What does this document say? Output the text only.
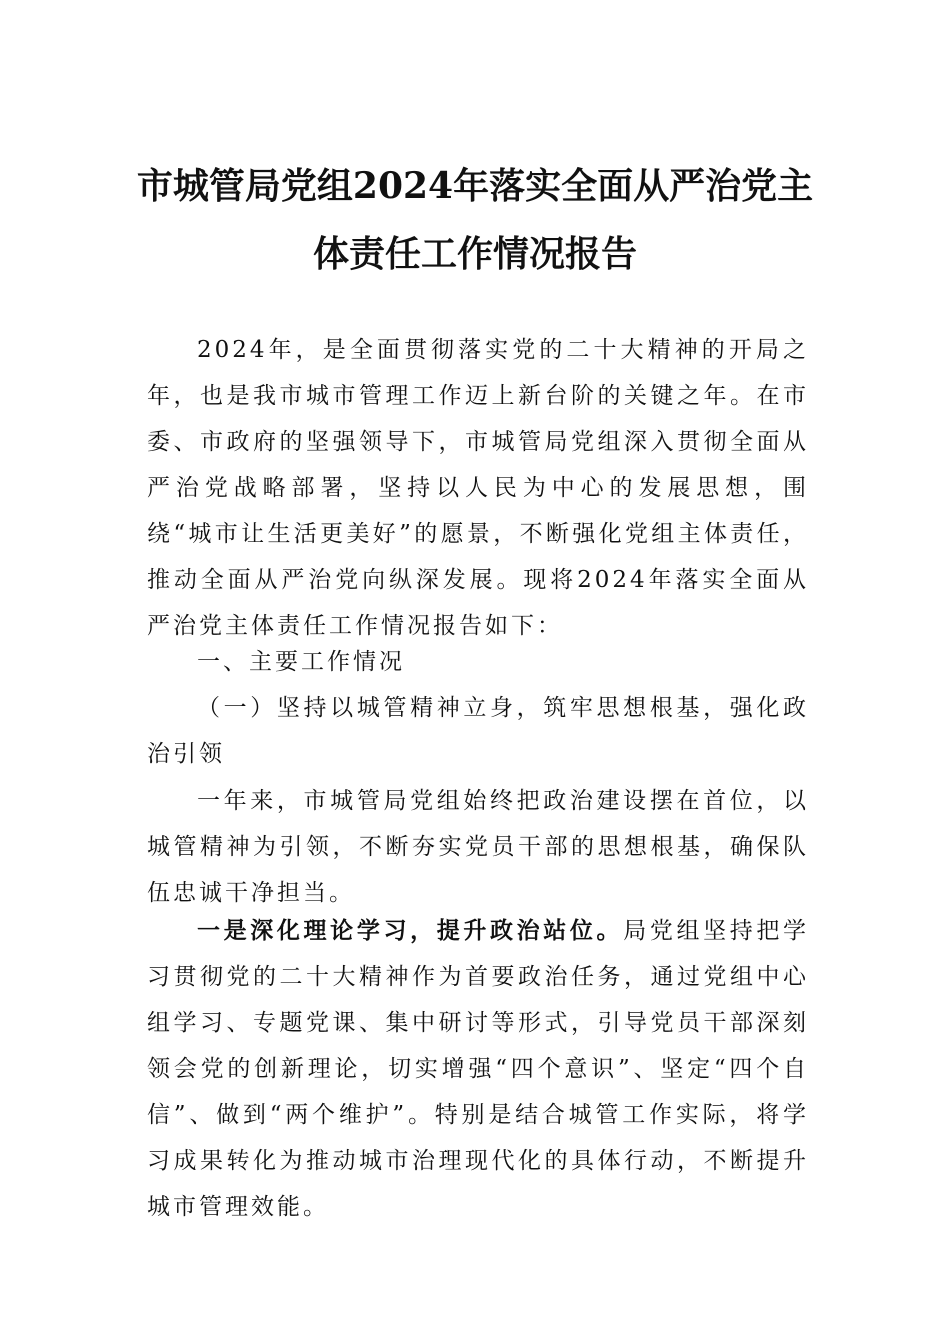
市城管局党组2024年落实全面从严治党主
体责任工作情况报告
2024年，是全面贯彻落实党的二十大精神的开局之年，也是我市城市管理工作迈上新台阶的关键之年。在市委、市政府的坚强领导下，市城管局党组深入贯彻全面从严治党战略部署，坚持以人民为中心的发展思想，围绕“城市让生活更美好”的愿景，不断强化党组主体责任，推动全面从严治党向纵深发展。现将2024年落实全面从严治党主体责任工作情况报告如下：
一、主要工作情况
（一）坚持以城管精神立身，筑牢思想根基，强化政治引领
一年来，市城管局党组始终把政治建设摆在首位，以城管精神为引领，不断夯实党员干部的思想根基，确保队伍忠诚干净担当。
一是深化理论学习，提升政治站位。局党组坚持把学习贯彻党的二十大精神作为首要政治任务，通过党组中心组学习、专题党课、集中研讨等形式，引导党员干部深刻领会党的创新理论，切实增强“四个意识”、坚定“四个自信”、做到“两个维护”。特别是结合城管工作实际，将学习成果转化为推动城市治理现代化的具体行动，不断提升城市管理效能。
